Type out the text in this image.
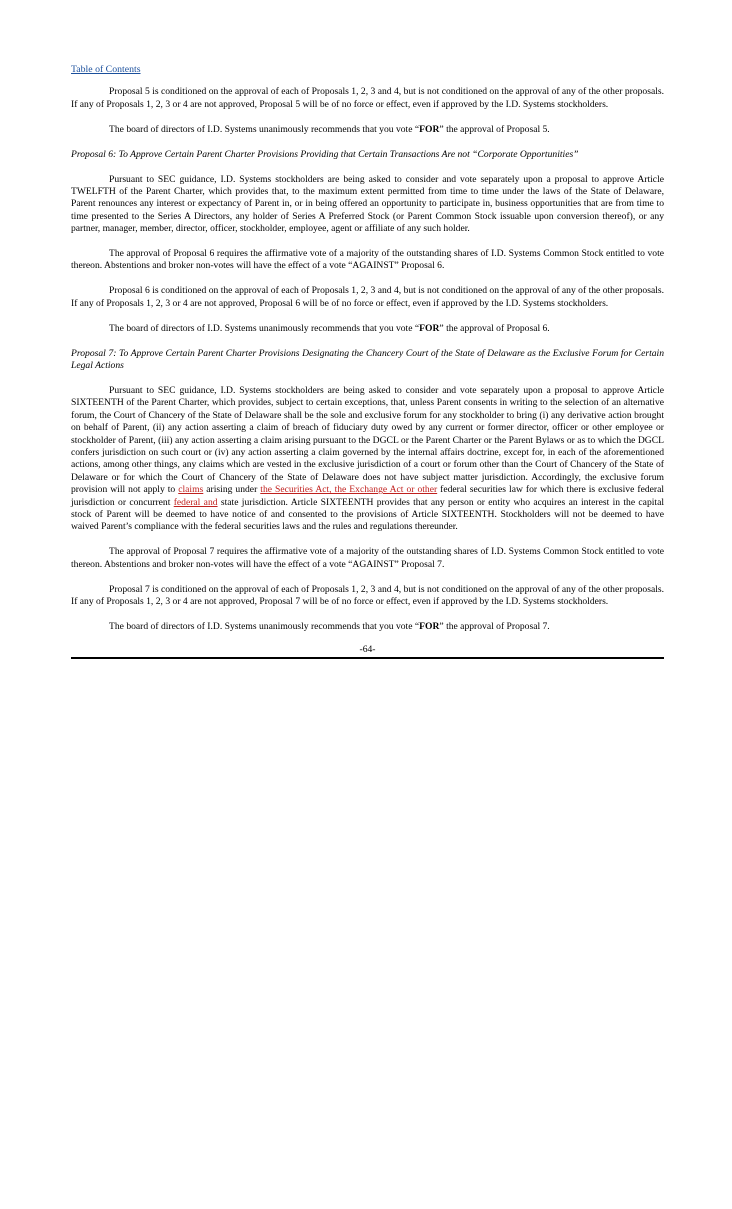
Table of Contents

Proposal 5 is conditioned on the approval of each of Proposals 1, 2, 3 and 4, but is not conditioned on the approval of any of the other proposals. If any of Proposals 1, 2, 3 or 4 are not approved, Proposal 5 will be of no force or effect, even if approved by the I.D. Systems stockholders.

The board of directors of I.D. Systems unanimously recommends that you vote “FOR” the approval of Proposal 5.

Proposal 6: To Approve Certain Parent Charter Provisions Providing that Certain Transactions Are not “Corporate Opportunities”

Pursuant to SEC guidance, I.D. Systems stockholders are being asked to consider and vote separately upon a proposal to approve Article TWELFTH of the Parent Charter, which provides that, to the maximum extent permitted from time to time under the laws of the State of Delaware, Parent renounces any interest or expectancy of Parent in, or in being offered an opportunity to participate in, business opportunities that are from time to time presented to the Series A Directors, any holder of Series A Preferred Stock (or Parent Common Stock issuable upon conversion thereof), or any partner, manager, member, director, officer, stockholder, employee, agent or affiliate of any such holder.

The approval of Proposal 6 requires the affirmative vote of a majority of the outstanding shares of I.D. Systems Common Stock entitled to vote thereon. Abstentions and broker non-votes will have the effect of a vote “AGAINST” Proposal 6.

Proposal 6 is conditioned on the approval of each of Proposals 1, 2, 3 and 4, but is not conditioned on the approval of any of the other proposals. If any of Proposals 1, 2, 3 or 4 are not approved, Proposal 6 will be of no force or effect, even if approved by the I.D. Systems stockholders.

The board of directors of I.D. Systems unanimously recommends that you vote “FOR” the approval of Proposal 6.

Proposal 7: To Approve Certain Parent Charter Provisions Designating the Chancery Court of the State of Delaware as the Exclusive Forum for Certain Legal Actions

Pursuant to SEC guidance, I.D. Systems stockholders are being asked to consider and vote separately upon a proposal to approve Article SIXTEENTH of the Parent Charter, which provides, subject to certain exceptions, that, unless Parent consents in writing to the selection of an alternative forum, the Court of Chancery of the State of Delaware shall be the sole and exclusive forum for any stockholder to bring (i) any derivative action brought on behalf of Parent, (ii) any action asserting a claim of breach of fiduciary duty owed by any current or former director, officer or other employee or stockholder of Parent, (iii) any action asserting a claim arising pursuant to the DGCL or the Parent Charter or the Parent Bylaws or as to which the DGCL confers jurisdiction on such court or (iv) any action asserting a claim governed by the internal affairs doctrine, except for, in each of the aforementioned actions, among other things, any claims which are vested in the exclusive jurisdiction of a court or forum other than the Court of Chancery of the State of Delaware or for which the Court of Chancery of the State of Delaware does not have subject matter jurisdiction. Accordingly, the exclusive forum provision will not apply to claims arising under the Securities Act, the Exchange Act or other federal securities law for which there is exclusive federal jurisdiction or concurrent federal and state jurisdiction. Article SIXTEENTH provides that any person or entity who acquires an interest in the capital stock of Parent will be deemed to have notice of and consented to the provisions of Article SIXTEENTH. Stockholders will not be deemed to have waived Parent’s compliance with the federal securities laws and the rules and regulations thereunder.

The approval of Proposal 7 requires the affirmative vote of a majority of the outstanding shares of I.D. Systems Common Stock entitled to vote thereon. Abstentions and broker non-votes will have the effect of a vote “AGAINST” Proposal 7.

Proposal 7 is conditioned on the approval of each of Proposals 1, 2, 3 and 4, but is not conditioned on the approval of any of the other proposals. If any of Proposals 1, 2, 3 or 4 are not approved, Proposal 7 will be of no force or effect, even if approved by the I.D. Systems stockholders.

The board of directors of I.D. Systems unanimously recommends that you vote “FOR” the approval of Proposal 7.

-64-
